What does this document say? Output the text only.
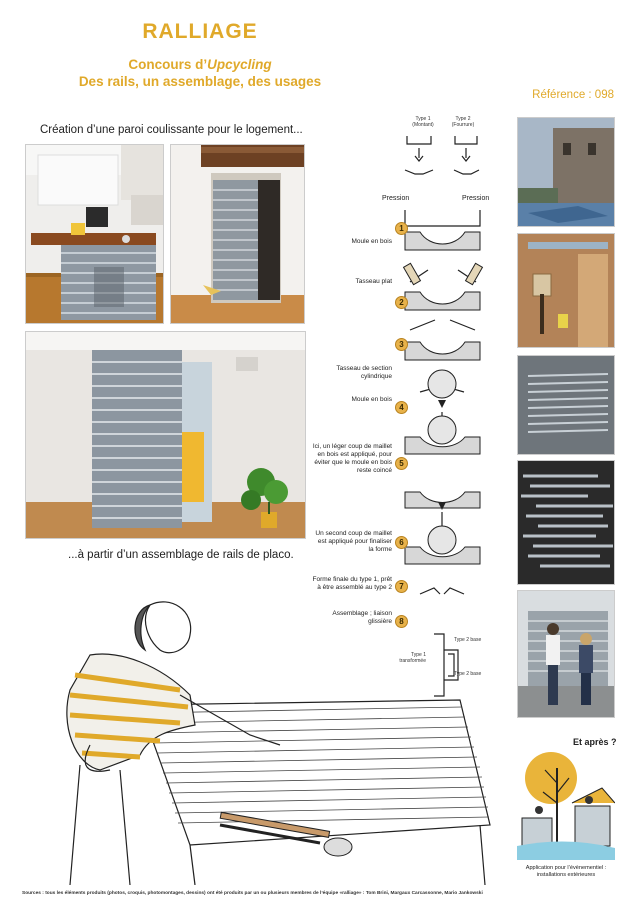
RALLIAGE
Concours d’Upcycling
Des rails, un assemblage, des usages
Référence : 098
Création d’une paroi coulissante pour le logement...
...à partir d’un assemblage de rails de placo.
Type 1 (Montant)
Type 2 (Fourrure)
Pression	Pression
1
Moule en bois
2
Tasseau plat
3
Tasseau de section cylindrique
4
Moule en bois
5
Ici, un léger coup de maillet en bois est appliqué, pour éviter que le moule en bois reste coincé
6
Un second coup de maillet est appliqué pour finaliser la forme
7
Forme finale du type 1, prêt à être assemblé au type 2
8
Assemblage ; liaison glissière
Type 1 transformée
Type 2 base
Type 2 base
Et après ?
Application pour l’évènementiel : installations extérieures
Sources : tous les éléments produits (photos, croquis, photomontages, dessins) ont été produits par un ou plusieurs membres de l’équipe «ralliage» : Tom Brini, Margaux Carcassonne, Mario Jankowski
